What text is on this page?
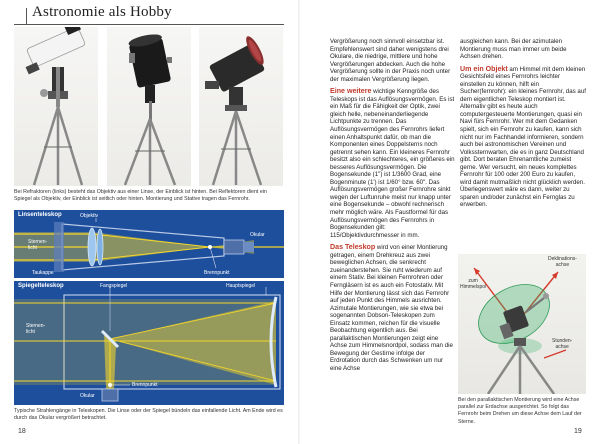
Astronomie als Hobby
Bei Refraktoren (links) besteht das Objektiv aus einer Linse, der Einblick ist hinten. Bei Reflektoren dient ein Spiegel als Objektiv, der Einblick ist seitlich oder hinten. Montierung und Stative tragen das Fernrohr.
Linsenteleskop	Objektiv
Sternen-
licht
Taukappe	Brennpunkt
Okular
Spiegelteleskop	Fangspiegel	Hauptspiegel
Sternen-
licht
Brennpunkt
Okular
Typische Strahlengänge in Teleskopen. Die Linse oder der Spiegel bündeln das einfallende Licht. Am Ende wird es durch das Okular vergrößert betrachtet.
18

Vergrößerung noch sinnvoll einsetzbar ist. Empfehlenswert sind daher wenigstens drei Okulare, die niedrige, mittlere und hohe Vergrößerungen abdecken. Auch die hohe Vergrößerung sollte in der Praxis noch unter der maximalen Vergrößerung liegen.

Eine weitere wichtige Kenngröße des Teleskops ist das Auflösungsvermögen. Es ist ein Maß für die Fähigkeit der Optik, zwei gleich helle, nebeneinanderliegende Lichtpunkte zu trennen. Das Auflösungsvermögen des Fernrohrs liefert einen Anhaltspunkt dafür, ob man die Komponenten eines Doppelsterns noch getrennt sehen kann. Ein kleineres Fernrohr besitzt also ein schlechteres, ein größeres ein besseres Auflösungsvermögen. Die Bogensekunde (1") ist 1/3600 Grad, eine Bogenminute (1') ist 1/60° bzw. 60". Das Auflösungsvermögen großer Fernrohre sinkt wegen der Luftunruhe meist nur knapp unter eine Bogensekunde – obwohl rechnerisch mehr möglich wäre. Als Faustformel für das Auflösungsvermögen des Fernrohrs in Bogensekunden gilt: 115/Objektivdurchmesser in mm.

Das Teleskop wird von einer Montierung getragen, einem Drehkreuz aus zwei beweglichen Achsen, die senkrecht zueinanderstehen. Sie ruht wiederum auf einem Stativ. Bei kleinen Fernrohren oder Ferngläsern ist es auch ein Fotostativ. Mit Hilfe der Montierung lässt sich das Fernrohr auf jeden Punkt des Himmels ausrichten. Azimutale Montierungen, wie sie etwa bei sogenannten Dobson-Teleskopen zum Einsatz kommen, reichen für die visuelle Beobachtung eigentlich aus. Bei parallaktischen Montierungen zeigt eine Achse zum Himmelsnordpol, sodass man die Bewegung der Gestirne infolge der Erdrotation durch das Schwenken um nur eine Achse

ausgleichen kann. Bei der azimutalen Montierung muss man immer um beide Achsen drehen.

Um ein Objekt am Himmel mit dem kleinen Gesichtsfeld eines Fernrohrs leichter einstellen zu können, hilft ein Sucher(fernrohr): ein kleines Fernrohr, das auf dem eigentlichen Teleskop montiert ist. Alternativ gibt es heute auch computergesteuerte Montierungen, quasi ein Navi fürs Fernrohr. Wer mit dem Gedanken spielt, sich ein Fernrohr zu kaufen, kann sich nicht nur im Fachhandel informieren, sondern auch bei astronomischen Vereinen und Volkssternwarten, die es in ganz Deutschland gibt. Dort beraten Ehrenamtliche zumeist gerne. Wer versucht, ein neues komplettes Fernrohr für 100 oder 200 Euro zu kaufen, wird damit mutmaßlich nicht glücklich werden. Überlegenswert wäre es dann, weiter zu sparen und/oder zunächst ein Fernglas zu erwerben.

Deklinations-
achse
zum
Himmelspol
Stunden-
achse
Bei den parallaktischen Montierung wird eine Achse parallel zur Erdachse ausgerichtet. So folgt das Fernrohr beim Drehen um diese Achse dem Lauf der Sterne.
19
